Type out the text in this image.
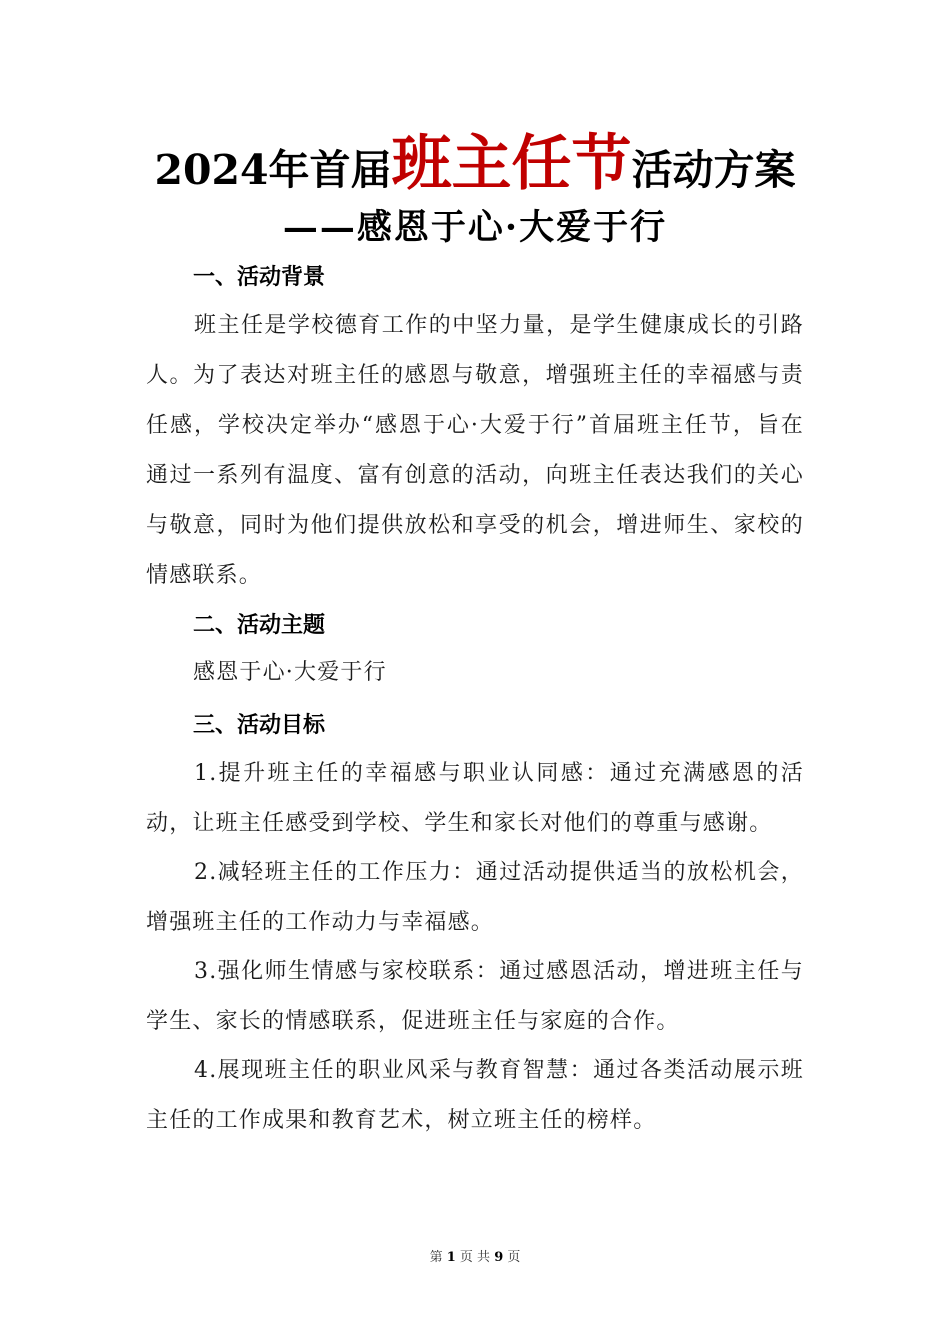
2024年首届班主任节活动方案
——感恩于心·大爱于行
一、活动背景
班主任是学校德育工作的中坚力量，是学生健康成长的引路人。为了表达对班主任的感恩与敬意，增强班主任的幸福感与责任感，学校决定举办“感恩于心·大爱于行”首届班主任节，旨在通过一系列有温度、富有创意的活动，向班主任表达我们的关心与敬意，同时为他们提供放松和享受的机会，增进师生、家校的情感联系。
二、活动主题
感恩于心·大爱于行
三、活动目标
1.提升班主任的幸福感与职业认同感：通过充满感恩的活动，让班主任感受到学校、学生和家长对他们的尊重与感谢。
2.减轻班主任的工作压力：通过活动提供适当的放松机会，增强班主任的工作动力与幸福感。
3.强化师生情感与家校联系：通过感恩活动，增进班主任与学生、家长的情感联系，促进班主任与家庭的合作。
4.展现班主任的职业风采与教育智慧：通过各类活动展示班主任的工作成果和教育艺术，树立班主任的榜样。
第 1 页 共 9 页
